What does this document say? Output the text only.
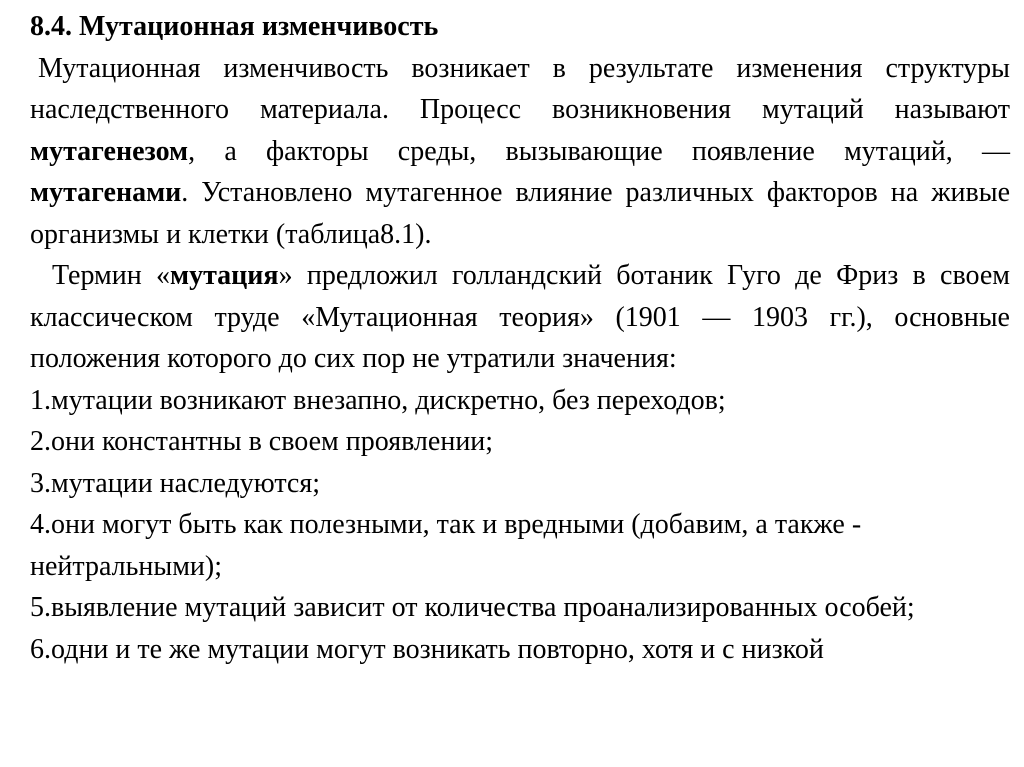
8.4. Мутационная изменчивость

Мутационная изменчивость возникает в результате изменения структуры наследственного материала. Процесс возникновения мутаций называют мутагенезом, а факторы среды, вызывающие появление мутаций, — мутагенами. Установлено мутагенное влияние различных факторов на живые организмы и клетки (таблица8.1).

Термин «мутация» предложил голландский ботаник Гуго де Фриз в своем классическом труде «Мутационная теория» (1901 — 1903 гг.), основные положения которого до сих пор не утратили значения:

1.мутации возникают внезапно, дискретно, без переходов;
2.они константны в своем проявлении;
3.мутации наследуются;
4.они могут быть как полезными, так и вредными (добавим, а также - нейтральными);
5.выявление мутаций зависит от количества проанализированных особей;
6.одни и те же мутации могут возникать повторно, хотя и с низкой
